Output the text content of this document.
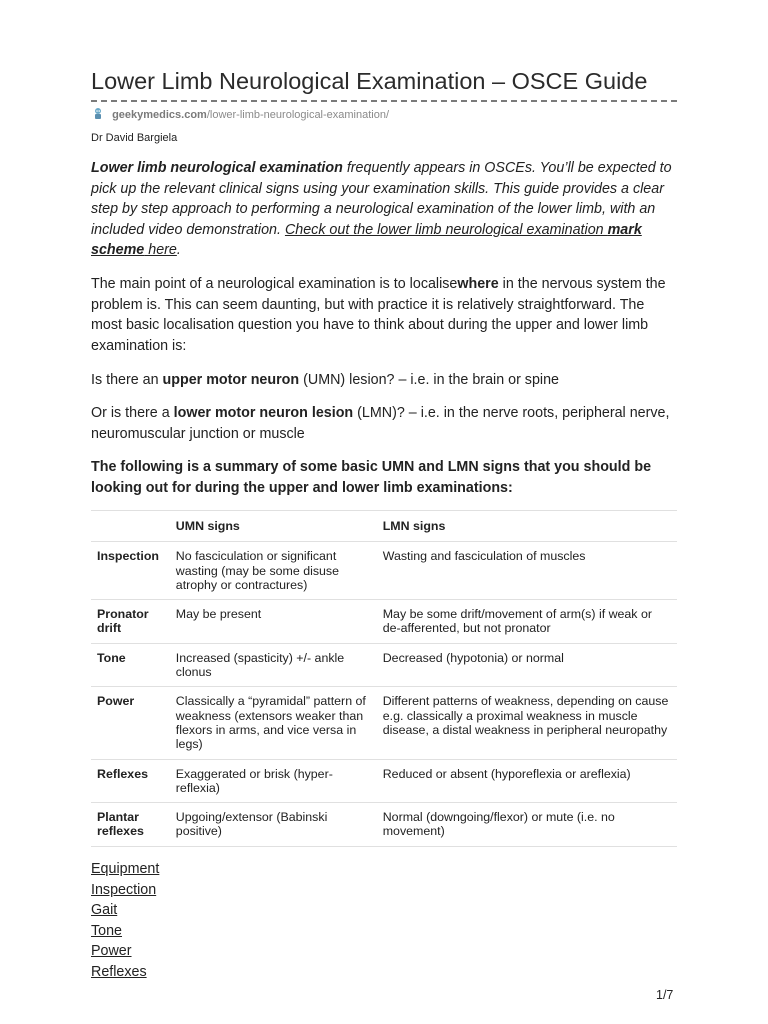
Lower Limb Neurological Examination – OSCE Guide
geekymedics.com/lower-limb-neurological-examination/
Dr David Bargiela

Lower limb neurological examination frequently appears in OSCEs. You’ll be expected to pick up the relevant clinical signs using your examination skills. This guide provides a clear step by step approach to performing a neurological examination of the lower limb, with an included video demonstration. Check out the lower limb neurological examination mark scheme here.

The main point of a neurological examination is to localisewhere in the nervous system the problem is. This can seem daunting, but with practice it is relatively straightforward. The most basic localisation question you have to think about during the upper and lower limb examination is:

Is there an upper motor neuron (UMN) lesion? – i.e. in the brain or spine

Or is there a lower motor neuron lesion (LMN)? – i.e. in the nerve roots, peripheral nerve, neuromuscular junction or muscle

The following is a summary of some basic UMN and LMN signs that you should be looking out for during the upper and lower limb examinations:

	UMN signs	LMN signs
Inspection	No fasciculation or significant wasting (may be some disuse atrophy or contractures)	Wasting and fasciculation of muscles
Pronator drift	May be present	May be some drift/movement of arm(s) if weak or de-afferented, but not pronator
Tone	Increased (spasticity) +/- ankle clonus	Decreased (hypotonia) or normal
Power	Classically a “pyramidal” pattern of weakness (extensors weaker than flexors in arms, and vice versa in legs)	Different patterns of weakness, depending on cause e.g. classically a proximal weakness in muscle disease, a distal weakness in peripheral neuropathy
Reflexes	Exaggerated or brisk (hyper-reflexia)	Reduced or absent (hyporeflexia or areflexia)
Plantar reflexes	Upgoing/extensor (Babinski positive)	Normal (downgoing/flexor) or mute (i.e. no movement)
Equipment
Inspection
Gait
Tone
Power
Reflexes
1/7
